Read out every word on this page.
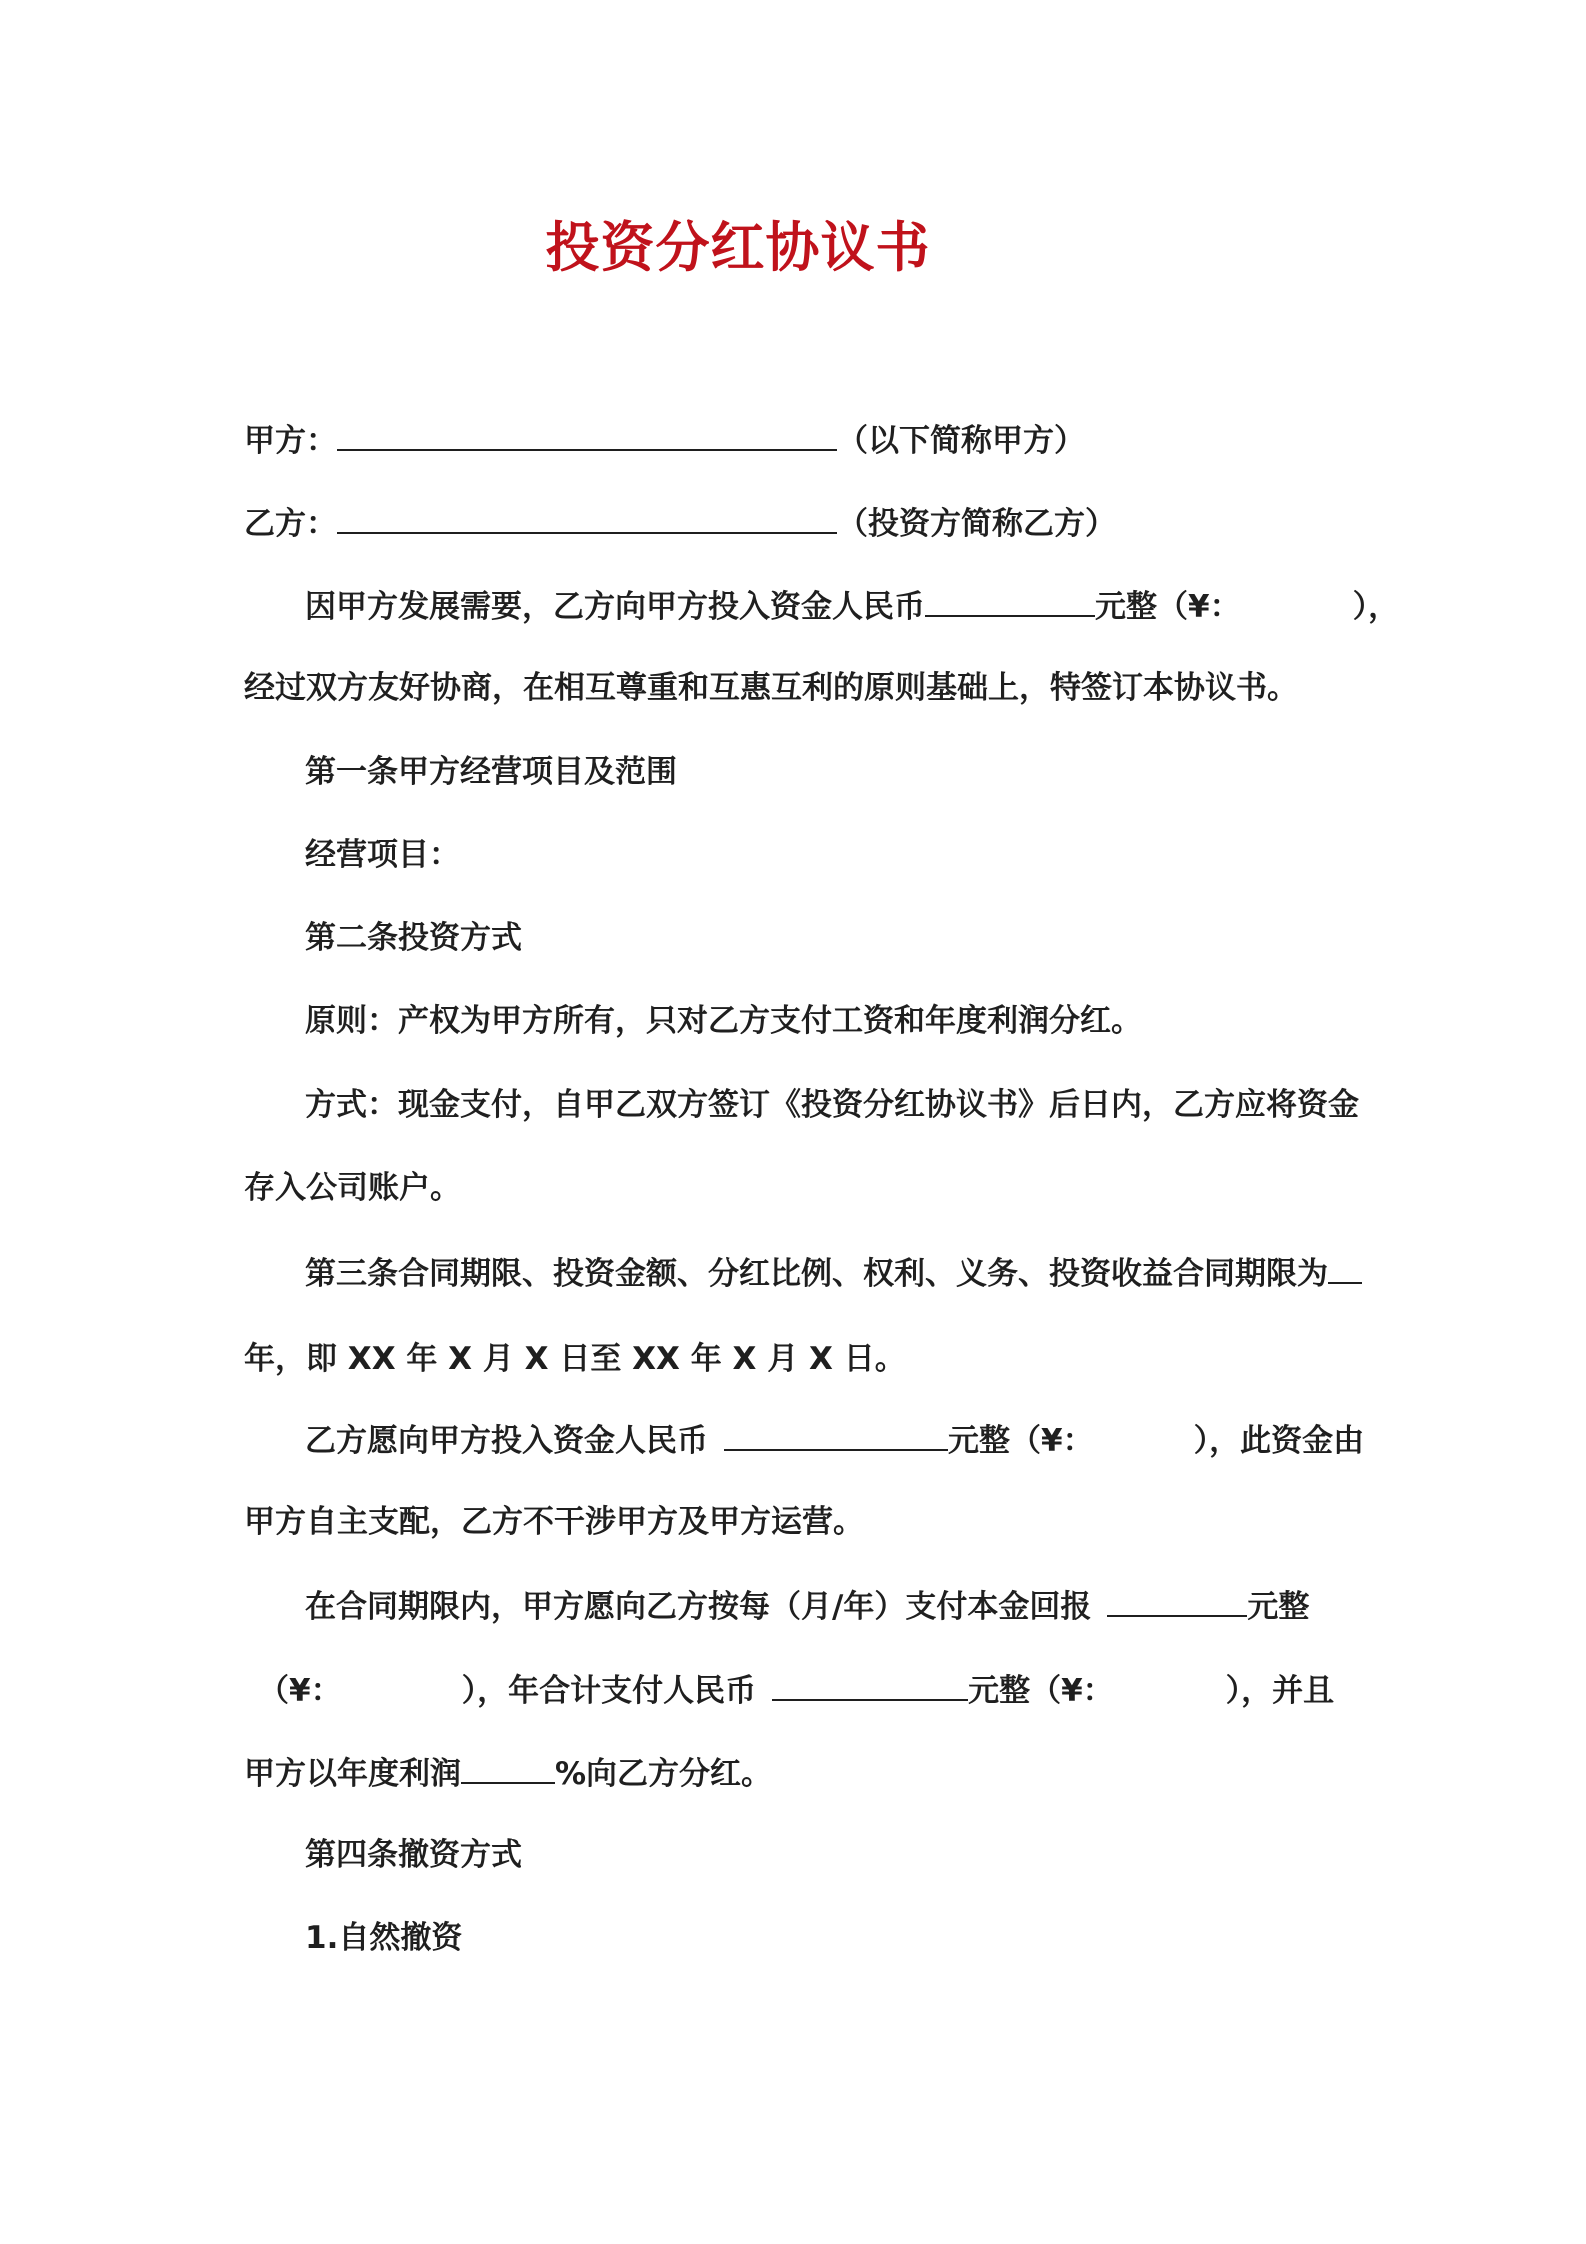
投资分红协议书
甲方：	（以下简称甲方）
乙方：	（投资方简称乙方）
因甲方发展需要，乙方向甲方投入资金人民币	元整（¥：	），
经过双方友好协商，在相互尊重和互惠互利的原则基础上，特签订本协议书。
第一条甲方经营项目及范围
经营项目：
第二条投资方式
原则：产权为甲方所有，只对乙方支付工资和年度利润分红。
方式：现金支付，自甲乙双方签订《投资分红协议书》后日内，乙方应将资金
存入公司账户。
第三条合同期限、投资金额、分红比例、权利、义务、投资收益合同期限为
年，即 XX 年 X 月 X 日至 XX 年 X 月 X 日。
乙方愿向甲方投入资金人民币	元整（¥：	），此资金由
甲方自主支配，乙方不干涉甲方及甲方运营。
在合同期限内，甲方愿向乙方按每（月/年）支付本金回报	元整
（¥：	），年合计支付人民币	元整（¥：	），并且
甲方以年度利润	%向乙方分红。
第四条撤资方式
1.自然撤资
